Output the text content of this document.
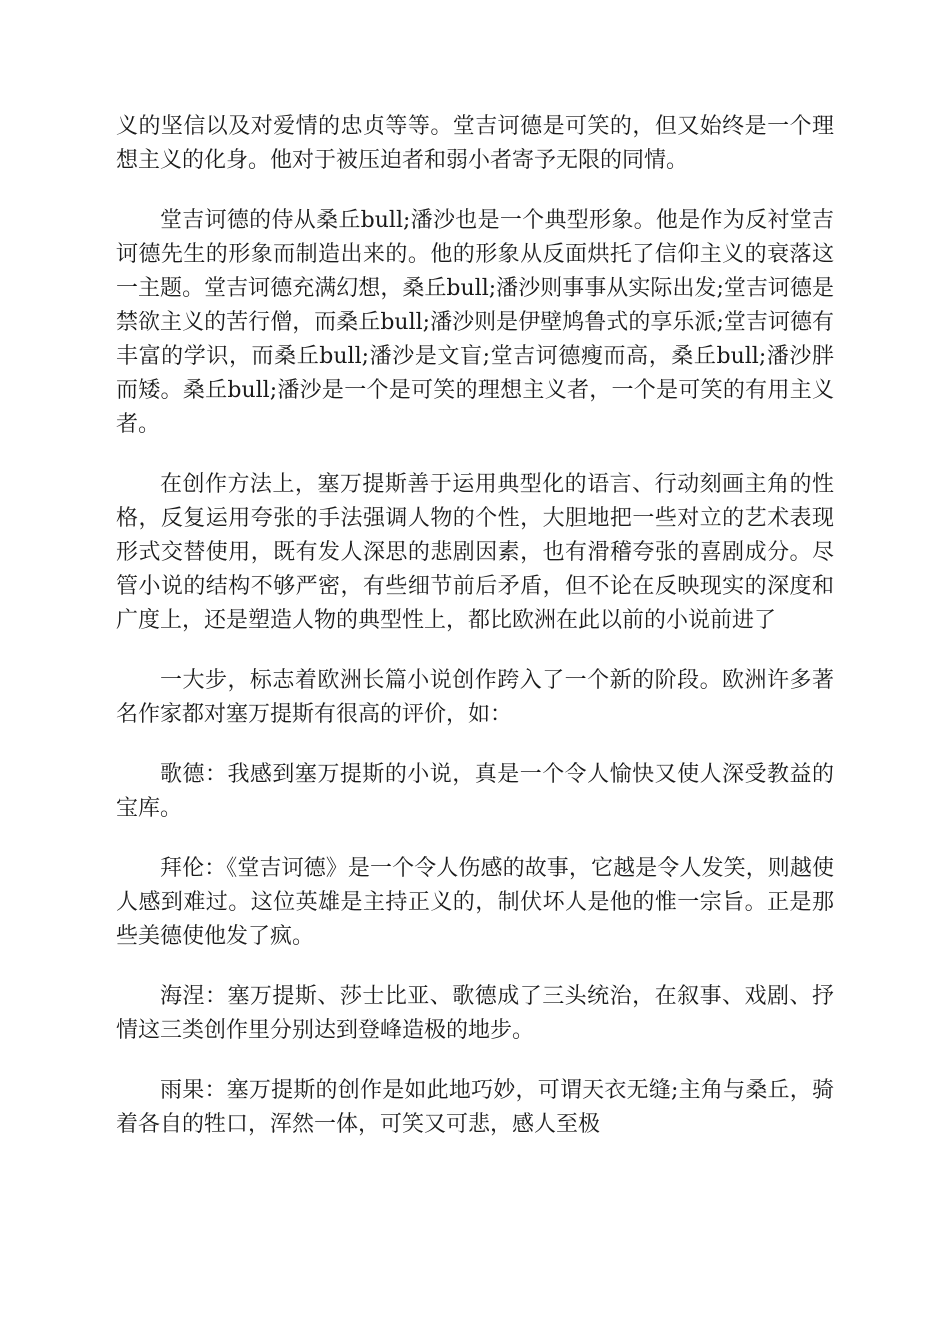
义的坚信以及对爱情的忠贞等等。堂吉诃德是可笑的，但又始终是一个理想主义的化身。他对于被压迫者和弱小者寄予无限的同情。

堂吉诃德的侍从桑丘bull;潘沙也是一个典型形象。他是作为反衬堂吉诃德先生的形象而制造出来的。他的形象从反面烘托了信仰主义的衰落这一主题。堂吉诃德充满幻想，桑丘bull;潘沙则事事从实际出发;堂吉诃德是禁欲主义的苦行僧，而桑丘bull;潘沙则是伊壁鸠鲁式的享乐派;堂吉诃德有丰富的学识，而桑丘bull;潘沙是文盲;堂吉诃德瘦而高，桑丘bull;潘沙胖而矮。桑丘bull;潘沙是一个是可笑的理想主义者，一个是可笑的有用主义者。

在创作方法上，塞万提斯善于运用典型化的语言、行动刻画主角的性格，反复运用夸张的手法强调人物的个性，大胆地把一些对立的艺术表现形式交替使用，既有发人深思的悲剧因素，也有滑稽夸张的喜剧成分。尽管小说的结构不够严密，有些细节前后矛盾，但不论在反映现实的深度和广度上，还是塑造人物的典型性上，都比欧洲在此以前的小说前进了

一大步，标志着欧洲长篇小说创作跨入了一个新的阶段。欧洲许多著名作家都对塞万提斯有很高的评价，如：

歌德：我感到塞万提斯的小说，真是一个令人愉快又使人深受教益的宝库。

拜伦：《堂吉诃德》是一个令人伤感的故事，它越是令人发笑，则越使人感到难过。这位英雄是主持正义的，制伏坏人是他的惟一宗旨。正是那些美德使他发了疯。

海涅：塞万提斯、莎士比亚、歌德成了三头统治，在叙事、戏剧、抒情这三类创作里分别达到登峰造极的地步。

雨果：塞万提斯的创作是如此地巧妙，可谓天衣无缝;主角与桑丘，骑着各自的牲口，浑然一体，可笑又可悲，感人至极
